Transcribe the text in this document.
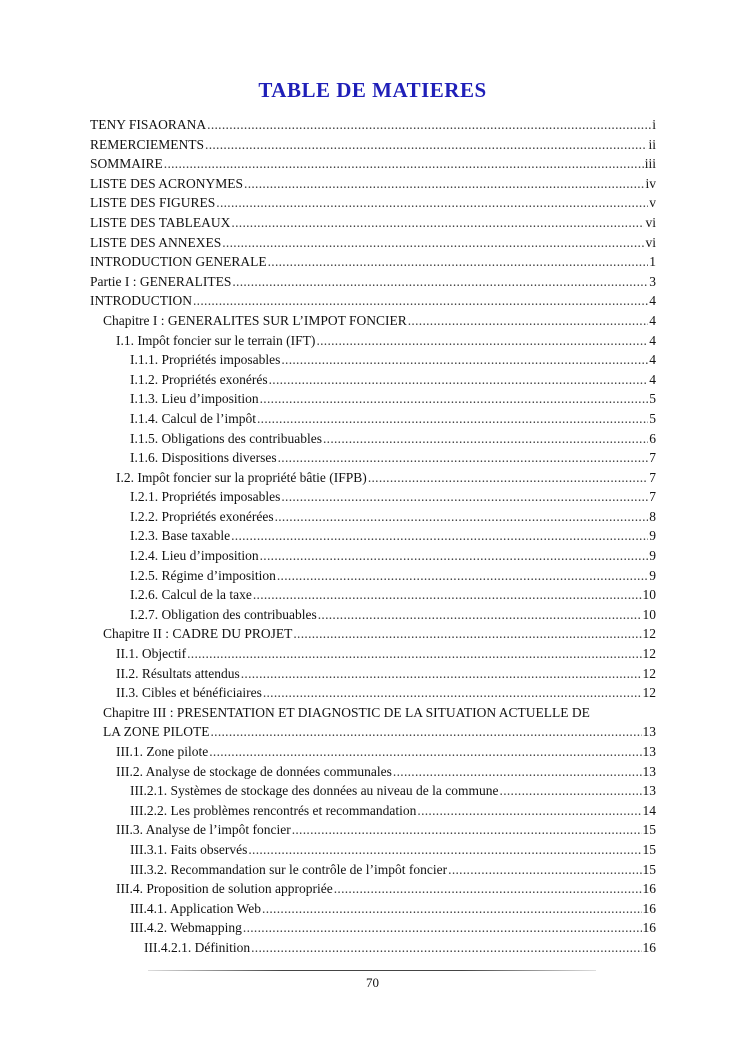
TABLE DE MATIERES
TENY FISAORANA .....	i
REMERCIEMENTS .....	ii
SOMMAIRE .....	iii
LISTE DES ACRONYMES .....	iv
LISTE DES FIGURES .....	v
LISTE DES TABLEAUX .....	vi
LISTE DES ANNEXES .....	vi
INTRODUCTION GENERALE .....	1
Partie I : GENERALITES .....	3
INTRODUCTION .....	4
Chapitre I : GENERALITES SUR L’IMPOT FONCIER .....	4
I.1. Impôt foncier sur le terrain (IFT) .....	4
I.1.1. Propriétés imposables .....	4
I.1.2. Propriétés exonérés .....	4
I.1.3. Lieu d’imposition .....	5
I.1.4. Calcul de l’impôt .....	5
I.1.5. Obligations des contribuables .....	6
I.1.6. Dispositions diverses .....	7
I.2. Impôt foncier sur la propriété bâtie (IFPB) .....	7
I.2.1. Propriétés imposables .....	7
I.2.2. Propriétés exonérées .....	8
I.2.3. Base taxable .....	9
I.2.4. Lieu d’imposition .....	9
I.2.5. Régime d’imposition .....	9
I.2.6. Calcul de la taxe .....	10
I.2.7. Obligation des contribuables .....	10
Chapitre II : CADRE DU PROJET .....	12
II.1. Objectif .....	12
II.2. Résultats attendus .....	12
II.3. Cibles et bénéficiaires .....	12
Chapitre III : PRESENTATION ET DIAGNOSTIC DE LA SITUATION ACTUELLE DE
LA ZONE PILOTE .....	13
III.1. Zone pilote .....	13
III.2. Analyse de stockage de données communales .....	13
III.2.1. Systèmes de stockage des données au niveau de la commune .....	13
III.2.2. Les problèmes rencontrés et recommandation .....	14
III.3. Analyse de l’impôt foncier .....	15
III.3.1. Faits observés .....	15
III.3.2. Recommandation sur le contrôle de l’impôt foncier .....	15
III.4. Proposition de solution appropriée .....	16
III.4.1. Application Web .....	16
III.4.2. Webmapping .....	16
III.4.2.1. Définition .....	16
70
